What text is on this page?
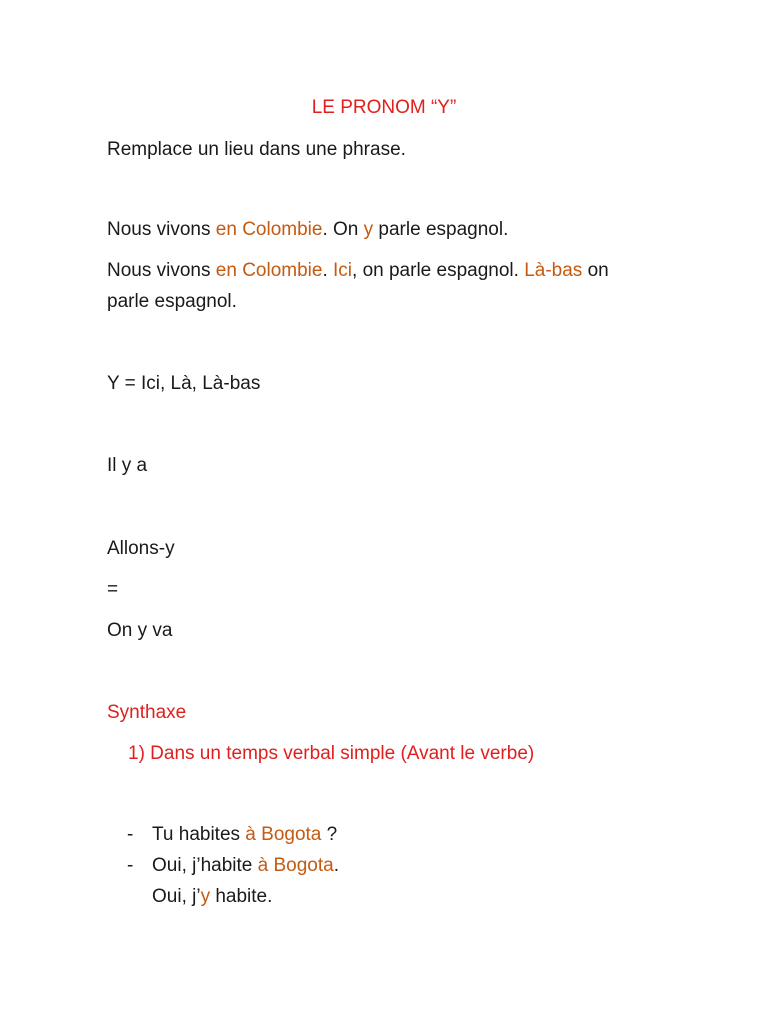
LE PRONOM “Y”
Remplace un lieu dans une phrase.
Nous vivons en Colombie. On y parle espagnol.
Nous vivons en Colombie. Ici, on parle espagnol. Là-bas on
parle espagnol.
Y = Ici, Là, Là-bas
Il y a
Allons-y
=
On y va
Synthaxe
1) Dans un temps verbal simple (Avant le verbe)
- Tu habites à Bogota ?
- Oui, j’habite à Bogota.
Oui, j’y habite.
